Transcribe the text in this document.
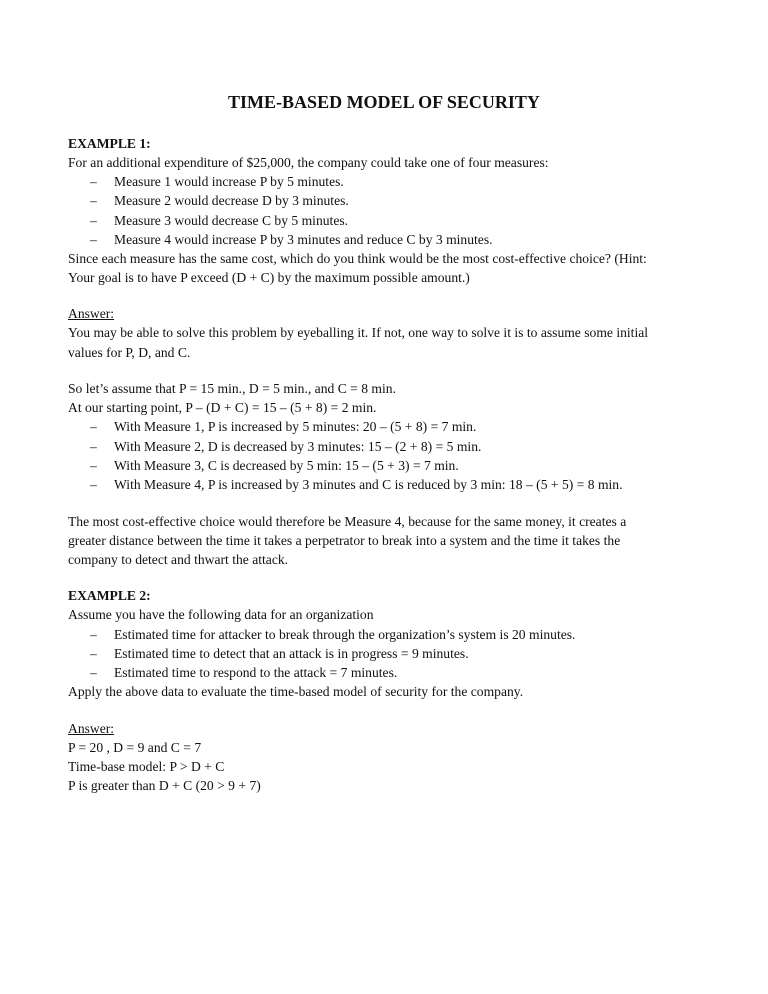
TIME-BASED MODEL OF SECURITY
EXAMPLE 1:
For an additional expenditure of $25,000, the company could take one of four measures:
– Measure 1 would increase P by 5 minutes.
– Measure 2 would decrease D by 3 minutes.
– Measure 3 would decrease C by 5 minutes.
– Measure 4 would increase P by 3 minutes and reduce C by 3 minutes.
Since each measure has the same cost, which do you think would be the most cost-effective choice? (Hint:
Your goal is to have P exceed (D + C) by the maximum possible amount.)
Answer:
You may be able to solve this problem by eyeballing it. If not, one way to solve it is to assume some initial
values for P, D, and C.
So let’s assume that P = 15 min., D = 5 min., and C = 8 min.
At our starting point, P – (D + C) = 15 – (5 + 8) = 2 min.
– With Measure 1, P is increased by 5 minutes: 20 – (5 + 8) = 7 min.
– With Measure 2, D is decreased by 3 minutes: 15 – (2 + 8) = 5 min.
– With Measure 3, C is decreased by 5 min: 15 – (5 + 3) = 7 min.
– With Measure 4, P is increased by 3 minutes and C is reduced by 3 min: 18 – (5 + 5) = 8 min.
The most cost-effective choice would therefore be Measure 4, because for the same money, it creates a
greater distance between the time it takes a perpetrator to break into a system and the time it takes the
company to detect and thwart the attack.
EXAMPLE 2:
Assume you have the following data for an organization
– Estimated time for attacker to break through the organization’s system is 20 minutes.
– Estimated time to detect that an attack is in progress = 9 minutes.
– Estimated time to respond to the attack = 7 minutes.
Apply the above data to evaluate the time-based model of security for the company.
Answer:
P = 20 , D = 9 and C = 7
Time-base model: P > D + C
P is greater than D + C (20 > 9 + 7)
